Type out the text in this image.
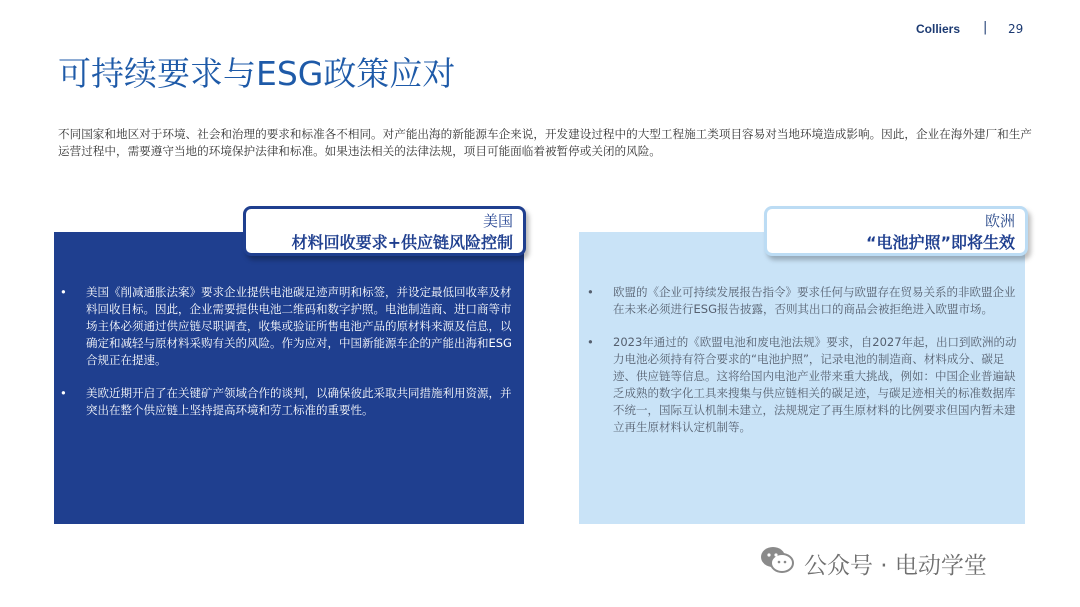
Colliers | 29
可持续要求与ESG政策应对
不同国家和地区对于环境、社会和治理的要求和标准各不相同。对产能出海的新能源车企来说，开发建设过程中的大型工程施工类项目容易对当地环境造成影响。因此，企业在海外建厂和生产运营过程中，需要遵守当地的环境保护法律和标准。如果违法相关的法律法规，项目可能面临着被暂停或关闭的风险。
美国
材料回收要求+供应链风险控制
欧洲
“电池护照”即将生效
• 美国《削减通胀法案》要求企业提供电池碳足迹声明和标签，并设定最低回收率及材料回收目标。因此，企业需要提供电池二维码和数字护照。电池制造商、进口商等市场主体必须通过供应链尽职调查，收集或验证所售电池产品的原材料来源及信息，以确定和减轻与原材料采购有关的风险。作为应对，中国新能源车企的产能出海和ESG合规正在提速。
• 美欧近期开启了在关键矿产领域合作的谈判，以确保彼此采取共同措施利用资源，并突出在整个供应链上坚持提高环境和劳工标准的重要性。
• 欧盟的《企业可持续发展报告指令》要求任何与欧盟存在贸易关系的非欧盟企业在未来必须进行ESG报告披露，否则其出口的商品会被拒绝进入欧盟市场。
• 2023年通过的《欧盟电池和废电池法规》要求，自2027年起，出口到欧洲的动力电池必须持有符合要求的“电池护照”，记录电池的制造商、材料成分、碳足迹、供应链等信息。这将给国内电池产业带来重大挑战，例如：中国企业普遍缺乏成熟的数字化工具来搜集与供应链相关的碳足迹，与碳足迹相关的标准数据库不统一，国际互认机制未建立，法规规定了再生原材料的比例要求但国内暂未建立再生原材料认定机制等。
公众号 · 电动学堂
